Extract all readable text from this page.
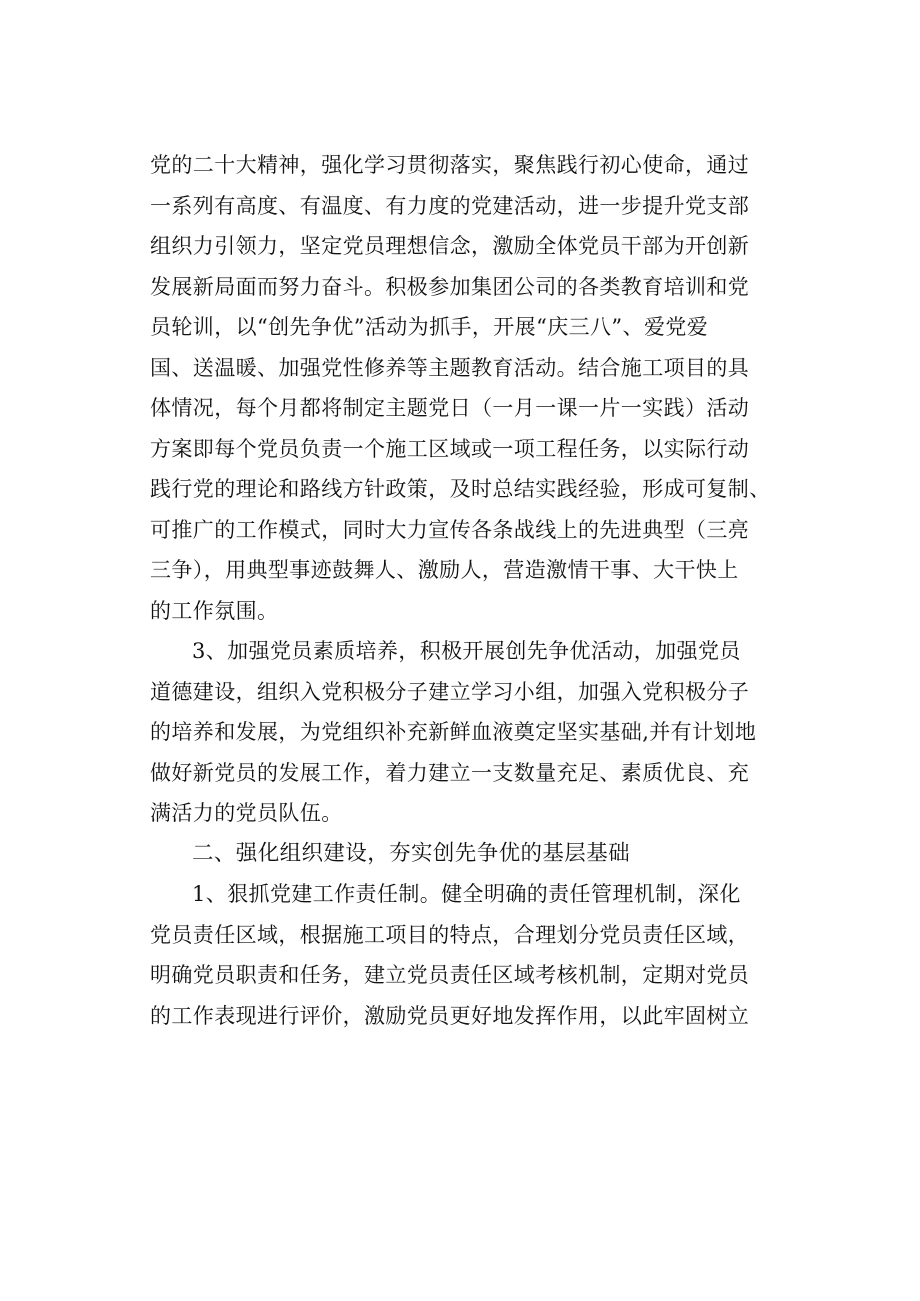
党的二十大精神，强化学习贯彻落实，聚焦践行初心使命，通过
一系列有高度、有温度、有力度的党建活动，进一步提升党支部
组织力引领力，坚定党员理想信念，激励全体党员干部为开创新
发展新局面而努力奋斗。积极参加集团公司的各类教育培训和党
员轮训，以“创先争优”活动为抓手，开展“庆三八”、爱党爱
国、送温暖、加强党性修养等主题教育活动。结合施工项目的具
体情况，每个月都将制定主题党日（一月一课一片一实践）活动
方案即每个党员负责一个施工区域或一项工程任务，以实际行动
践行党的理论和路线方针政策，及时总结实践经验，形成可复制、
可推广的工作模式，同时大力宣传各条战线上的先进典型（三亮
三争），用典型事迹鼓舞人、激励人，营造激情干事、大干快上
的工作氛围。
3、加强党员素质培养，积极开展创先争优活动，加强党员
道德建设，组织入党积极分子建立学习小组，加强入党积极分子
的培养和发展，为党组织补充新鲜血液奠定坚实基础,并有计划地
做好新党员的发展工作，着力建立一支数量充足、素质优良、充
满活力的党员队伍。
二、强化组织建设，夯实创先争优的基层基础
1、狠抓党建工作责任制。健全明确的责任管理机制，深化
党员责任区域，根据施工项目的特点，合理划分党员责任区域，
明确党员职责和任务，建立党员责任区域考核机制，定期对党员
的工作表现进行评价，激励党员更好地发挥作用，以此牢固树立
